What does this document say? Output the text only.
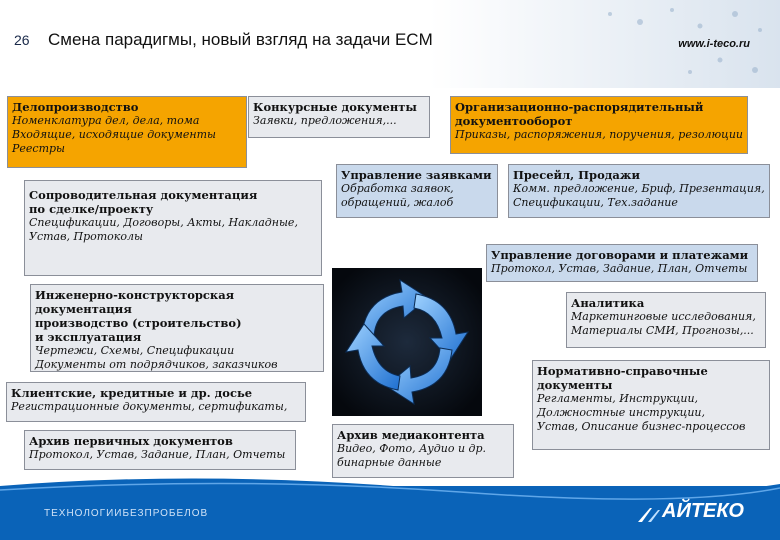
26 Смена парадигмы, новый взгляд на задачи ECM	www.i-teco.ru
Делопроизводство
Номенклатура дел, дела, тома
Входящие, исходящие документы
Реестры
Конкурсные документы
Заявки, предложения,...
Организационно-распорядительный
документооборот
Приказы, распоряжения, поручения, резолюции
Сопроводительная документация
по сделке/проекту
Спецификации, Договоры, Акты, Накладные,
Устав, Протоколы
Управление заявками
Обработка заявок,
обращений, жалоб
Пресейл, Продажи
Комм. предложение, Бриф, Презентация,
Спецификации, Тех.задание
Управление договорами и платежами
Протокол, Устав, Задание, План, Отчеты
Инженерно-конструкторская документация
производство (строительство)
и эксплуатация
Чертежи, Схемы, Спецификации
Документы от подрядчиков, заказчиков
Аналитика
Маркетинговые исследования,
Материалы СМИ, Прогнозы,...
Клиентские, кредитные и др. досье
Регистрационные документы, сертификаты,
Нормативно-справочные
документы
Регламенты, Инструкции,
Должностные инструкции,
Устав, Описание бизнес-процессов
Архив первичных документов
Протокол, Устав, Задание, План, Отчеты
Архив медиаконтента
Видео, Фото, Аудио и др.
бинарные данные
ТЕХНОЛОГИИБЕЗПРОБЕЛОВ	АЙТЕКО
